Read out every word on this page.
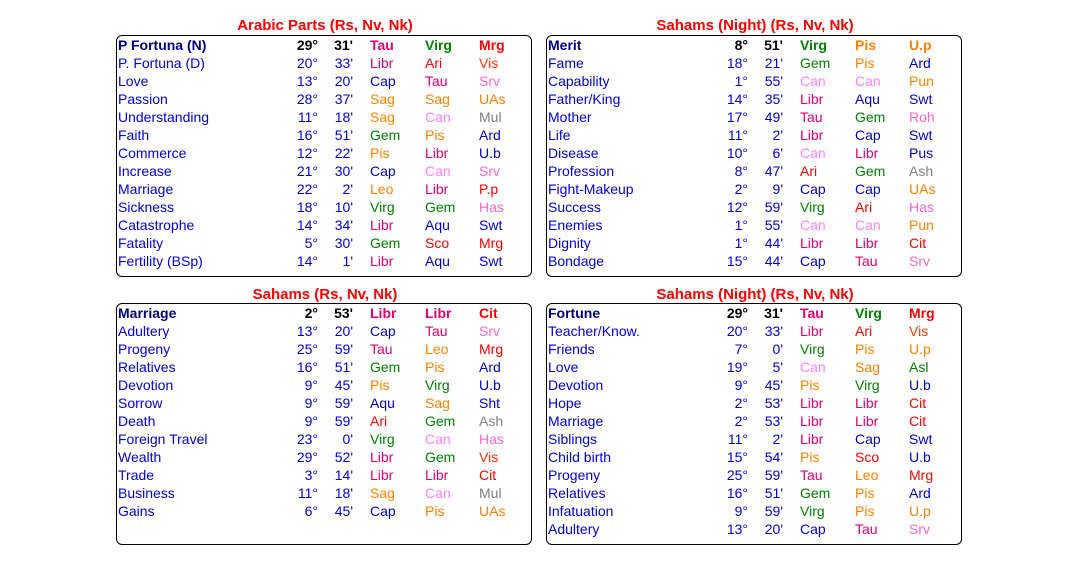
Arabic Parts (Rs, Nv, Nk)
P Fortuna (N)	29° 31' Tau Virg Mrg
P. Fortuna (D)	20° 33' Libr Ari	Vis
Love	13° 20' Cap Tau Srv
Passion	28° 37' Sag Sag UAs
Understanding	11° 18' Sag Can Mul
Faith	16° 51' Gem Pis Ard
Commerce	12° 22' Pis	Libr U.b
Increase	21° 30' Cap Can Srv
Marriage	22° 2' Leo Libr P.p
Sickness	18° 10' Virg Gem Has
Catastrophe	14° 34' Libr Aqu Swt
Fatality	5° 30' Gem Sco Mrg
Fertility (BSp)	14° 1' Libr Aqu Swt
Sahams (Night) (Rs, Nv, Nk)
Merit	8° 51' Virg Pis U.p
Fame	18° 21' Gem Pis Ard
Capability	1° 55' Can Can Pun
Father/King	14° 35' Libr Aqu Swt
Mother	17° 49' Tau Gem Roh
Life	11° 2' Libr Cap Swt
Disease	10° 6' Can Libr Pus
Profession	8° 47' Ari	Gem Ash
Fight-Makeup	2° 9' Cap Cap UAs
Success	12° 59' Virg Ari	Has
Enemies	1° 55' Can Can Pun
Dignity	1° 44' Libr Libr Cit
Bondage	15° 44' Cap Tau Srv
Sahams (Rs, Nv, Nk)
Marriage	2° 53' Libr Libr Cit
Adultery	13° 20' Cap Tau Srv
Progeny	25° 59' Tau Leo Mrg
Relatives	16° 51' Gem Pis Ard
Devotion	9° 45' Pis	Virg U.b
Sorrow	9° 59' Aqu Sag Sht
Death	9° 59' Ari	Gem Ash
Foreign Travel	23° 0' Virg Can Has
Wealth	29° 52' Libr Gem Vis
Trade	3° 14' Libr Libr Cit
Business	11° 18' Sag Can Mul
Gains	6° 45' Cap Pis UAs
Sahams (Night) (Rs, Nv, Nk)
Fortune	29° 31' Tau Virg Mrg
Teacher/Know.	20° 33' Libr Ari	Vis
Friends	7° 0' Virg Pis U.p
Love	19° 5' Can Sag Asl
Devotion	9° 45' Pis	Virg U.b
Hope	2° 53' Libr Libr Cit
Marriage	2° 53' Libr Libr Cit
Siblings	11° 2' Libr Cap Swt
Child birth	15° 54' Pis	Sco U.b
Progeny	25° 59' Tau Leo Mrg
Relatives	16° 51' Gem Pis Ard
Infatuation	9° 59' Virg Pis U.p
Adultery	13° 20' Cap Tau Srv
